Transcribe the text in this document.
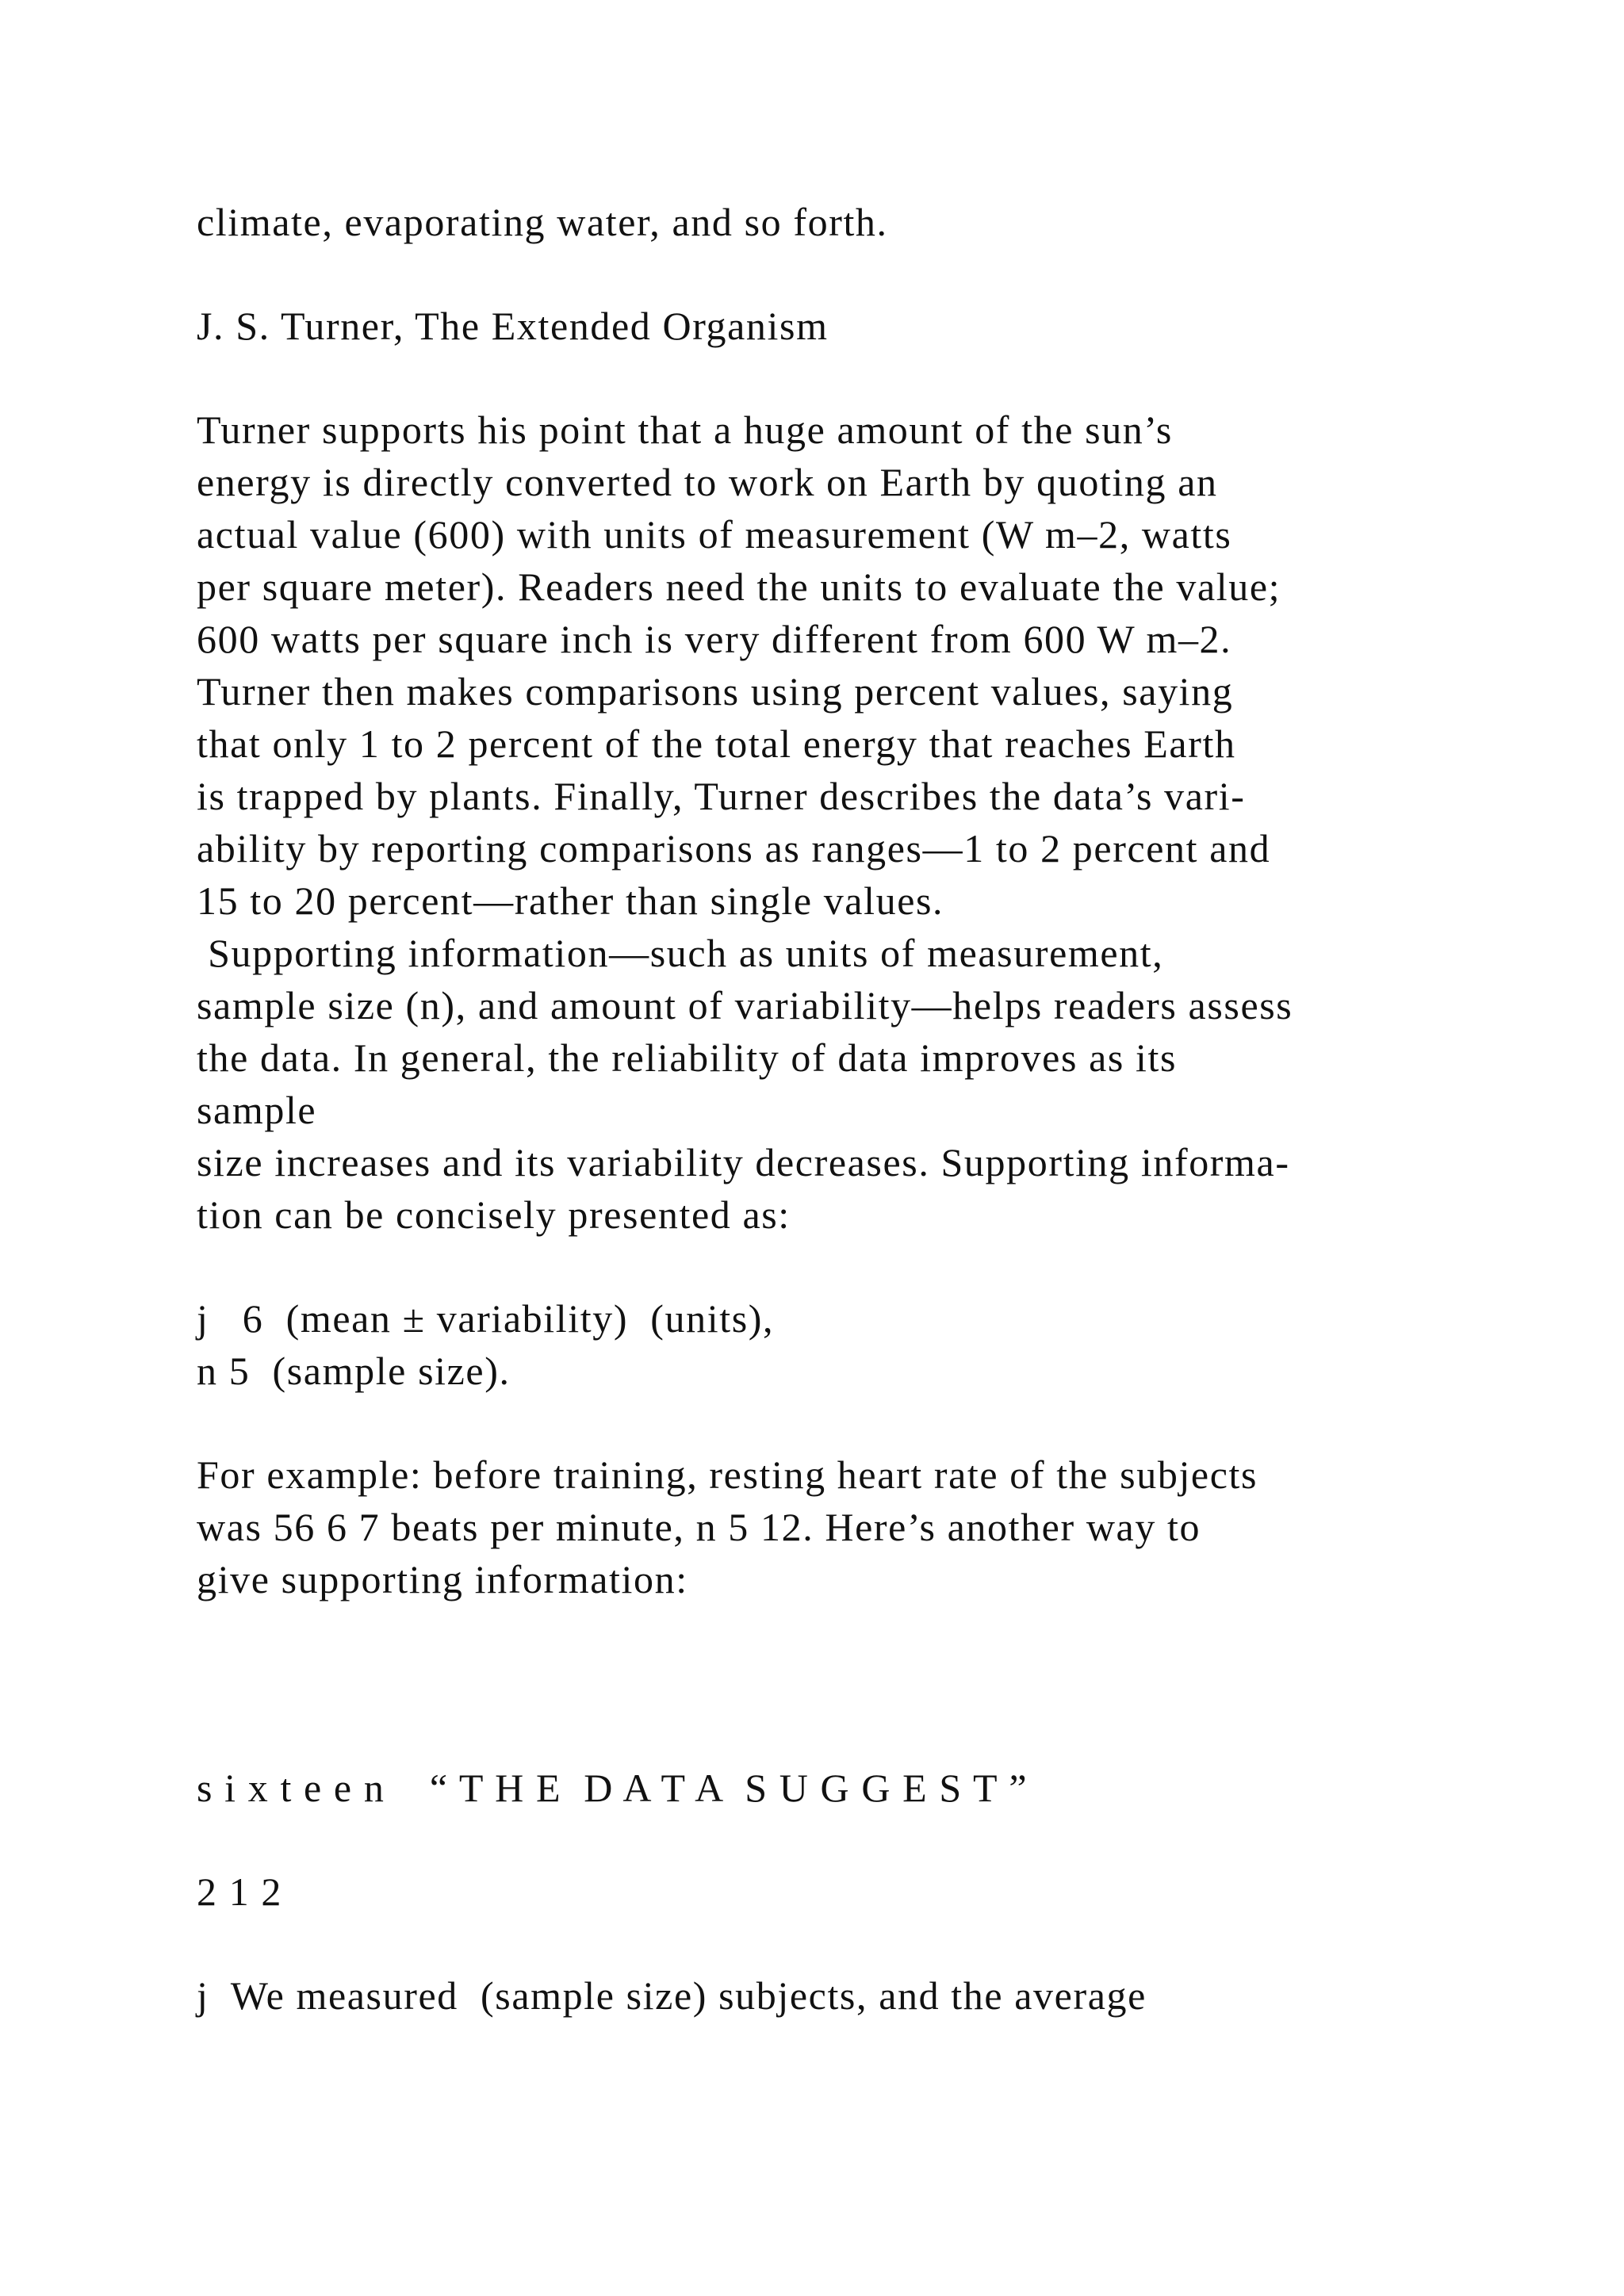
climate, evaporating water, and so forth.
J. S. Turner, The Extended Organism
Turner supports his point that a huge amount of the sun’s
energy is directly converted to work on Earth by quoting an
actual value (600) with units of measurement (W m–2, watts
per square meter). Readers need the units to evaluate the value;
600 watts per square inch is very different from 600 W m–2.
Turner then makes comparisons using percent values, saying
that only 1 to 2 percent of the total energy that reaches Earth
is trapped by plants. Finally, Turner describes the data’s vari-
ability by reporting comparisons as ranges—1 to 2 percent and
15 to 20 percent—rather than single values.
Supporting information—such as units of measurement,
sample size (n), and amount of variability—helps readers assess
the data. In general, the reliability of data improves as its
sample
size increases and its variability decreases. Supporting informa-
tion can be concisely presented as:
j   6  (mean ± variability)  (units),
n 5  (sample size).
For example: before training, resting heart rate of the subjects
was 56 6 7 beats per minute, n 5 12. Here’s another way to
give supporting information:
s i x t e e n    “ T H E  D A T A  S U G G E S T ”
2 1 2
j  We measured  (sample size) subjects, and the average
